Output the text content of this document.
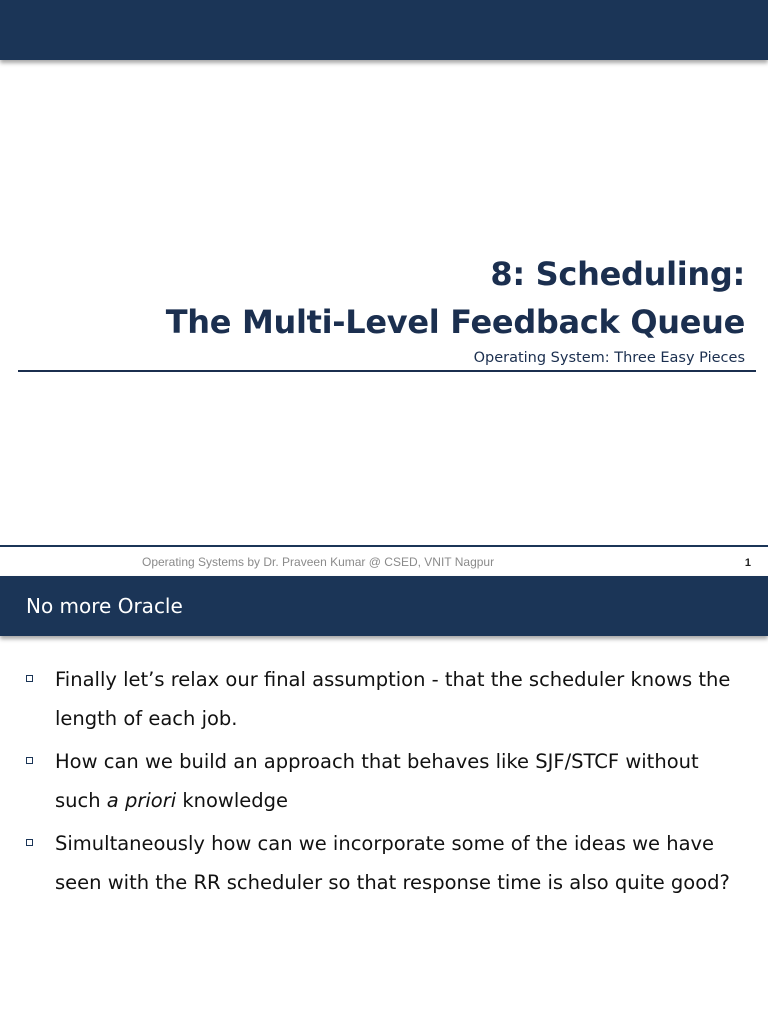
8: Scheduling:
The Multi-Level Feedback Queue
Operating System: Three Easy Pieces
Operating Systems by Dr. Praveen Kumar @ CSED, VNIT Nagpur	1
No more Oracle
Finally let’s relax our final assumption - that the scheduler knows the length of each job.
How can we build an approach that behaves like SJF/STCF without such a priori knowledge
Simultaneously how can we incorporate some of the ideas we have seen with the RR scheduler so that response time is also quite good?
